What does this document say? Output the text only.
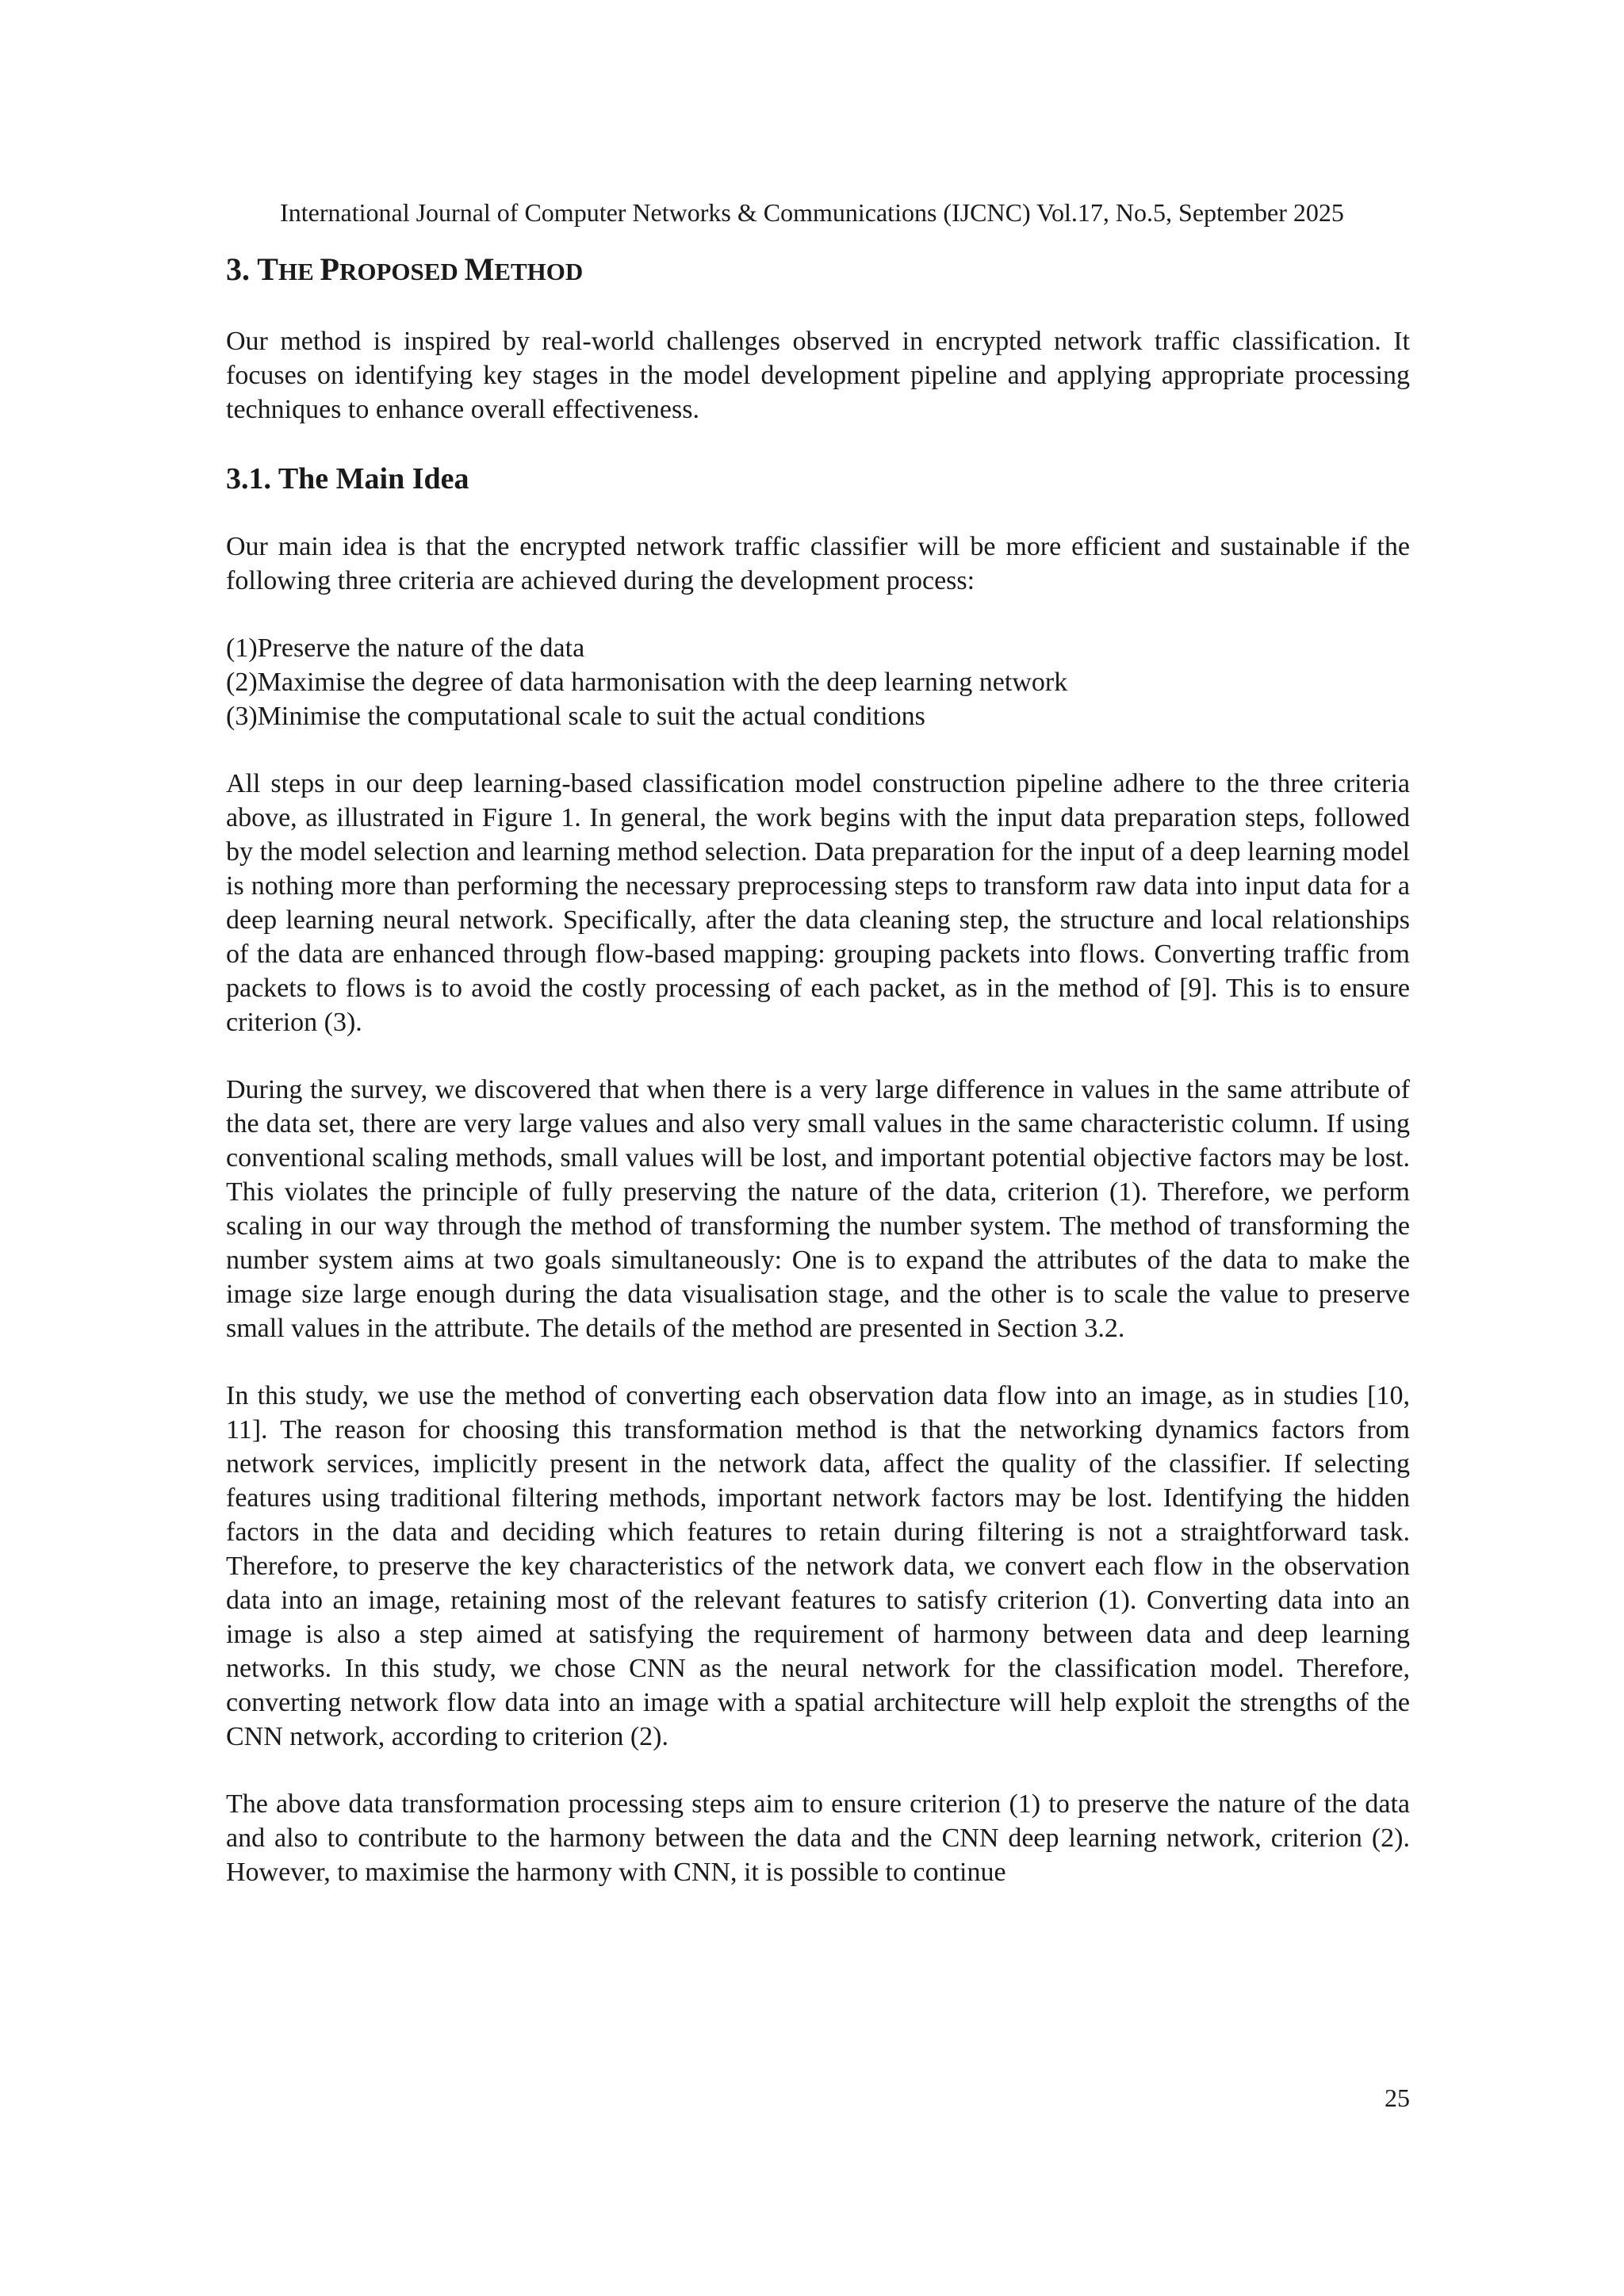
International Journal of Computer Networks & Communications (IJCNC) Vol.17, No.5, September 2025
3. THE PROPOSED METHOD

Our method is inspired by real-world challenges observed in encrypted network traffic classification. It focuses on identifying key stages in the model development pipeline and applying appropriate processing techniques to enhance overall effectiveness.

3.1. The Main Idea

Our main idea is that the encrypted network traffic classifier will be more efficient and sustainable if the following three criteria are achieved during the development process:

(1)Preserve the nature of the data
(2)Maximise the degree of data harmonisation with the deep learning network
(3)Minimise the computational scale to suit the actual conditions

All steps in our deep learning-based classification model construction pipeline adhere to the three criteria above, as illustrated in Figure 1. In general, the work begins with the input data preparation steps, followed by the model selection and learning method selection. Data preparation for the input of a deep learning model is nothing more than performing the necessary preprocessing steps to transform raw data into input data for a deep learning neural network. Specifically, after the data cleaning step, the structure and local relationships of the data are enhanced through flow-based mapping: grouping packets into flows. Converting traffic from packets to flows is to avoid the costly processing of each packet, as in the method of [9]. This is to ensure criterion (3).

During the survey, we discovered that when there is a very large difference in values in the same attribute of the data set, there are very large values and also very small values in the same characteristic column. If using conventional scaling methods, small values will be lost, and important potential objective factors may be lost. This violates the principle of fully preserving the nature of the data, criterion (1). Therefore, we perform scaling in our way through the method of transforming the number system. The method of transforming the number system aims at two goals simultaneously: One is to expand the attributes of the data to make the image size large enough during the data visualisation stage, and the other is to scale the value to preserve small values in the attribute. The details of the method are presented in Section 3.2.

In this study, we use the method of converting each observation data flow into an image, as in studies [10, 11]. The reason for choosing this transformation method is that the networking dynamics factors from network services, implicitly present in the network data, affect the quality of the classifier. If selecting features using traditional filtering methods, important network factors may be lost. Identifying the hidden factors in the data and deciding which features to retain during filtering is not a straightforward task. Therefore, to preserve the key characteristics of the network data, we convert each flow in the observation data into an image, retaining most of the relevant features to satisfy criterion (1). Converting data into an image is also a step aimed at satisfying the requirement of harmony between data and deep learning networks. In this study, we chose CNN as the neural network for the classification model. Therefore, converting network flow data into an image with a spatial architecture will help exploit the strengths of the CNN network, according to criterion (2).

The above data transformation processing steps aim to ensure criterion (1) to preserve the nature of the data and also to contribute to the harmony between the data and the CNN deep learning network, criterion (2). However, to maximise the harmony with CNN, it is possible to continue

25
